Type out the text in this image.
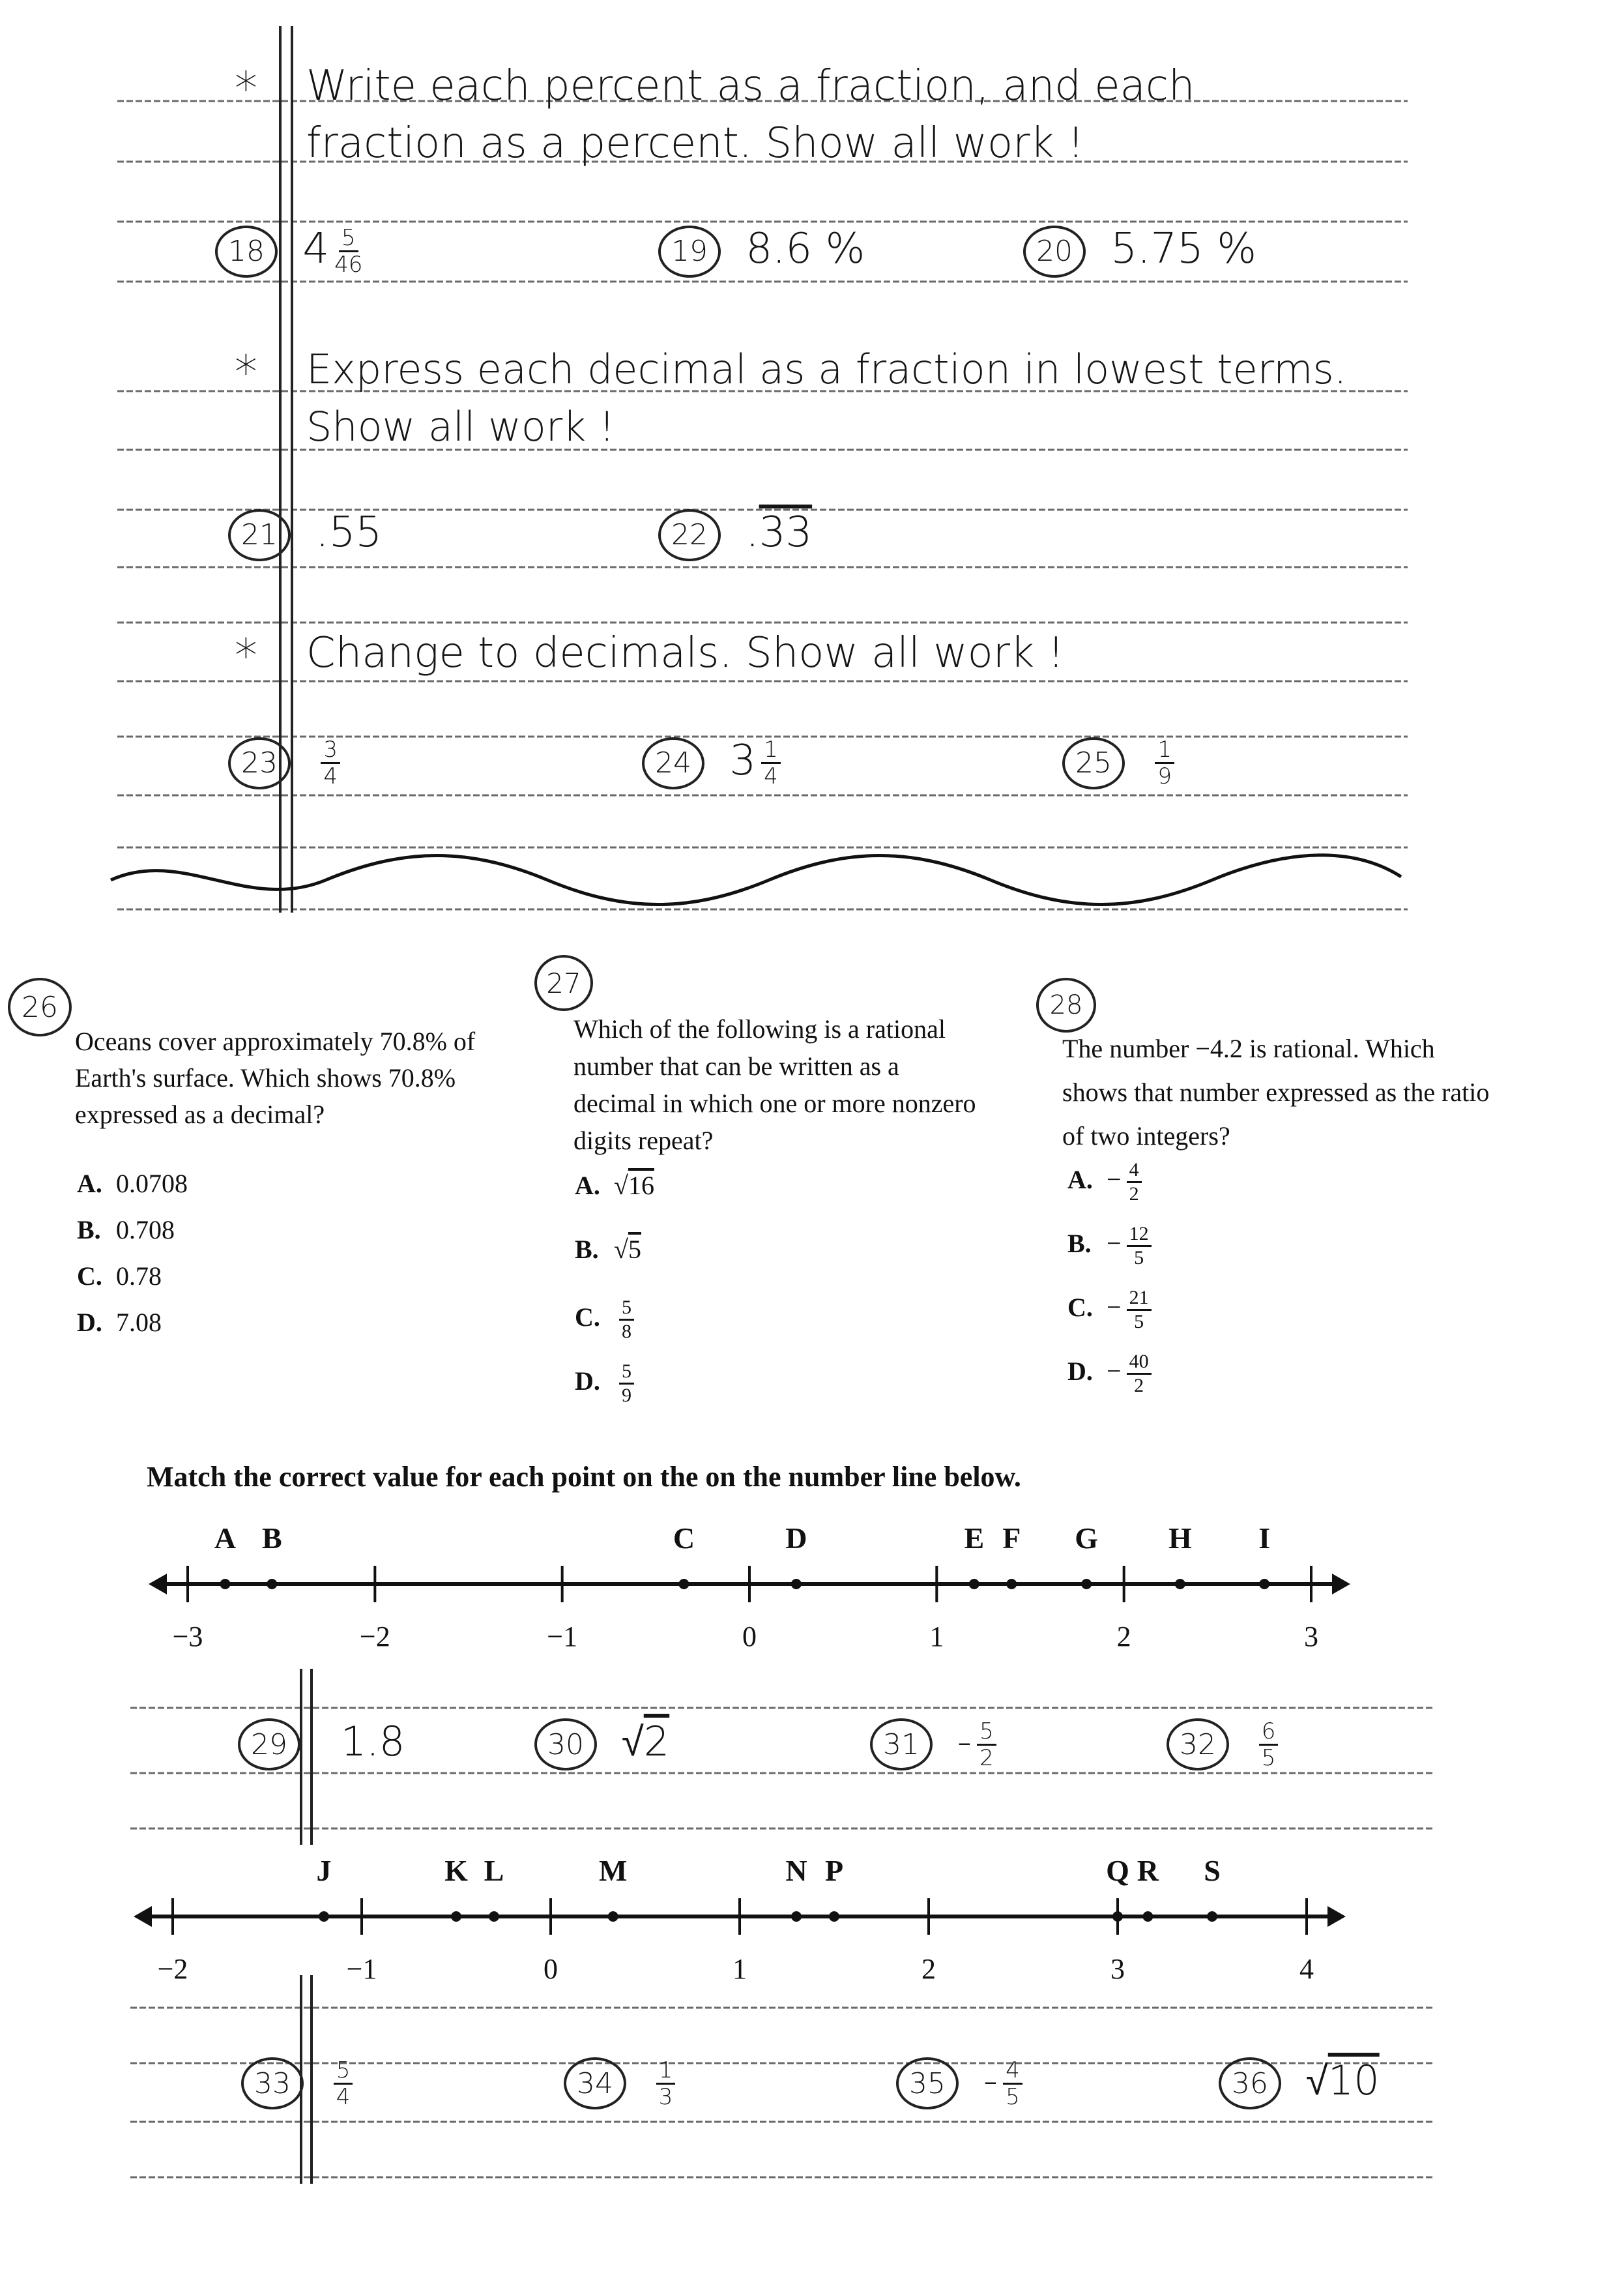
* Write each percent as a fraction, and each
fraction as a percent. Show all work !
18 $4 \frac{5}{46}$	19 8.6 %	20 5.75 %
* Express each decimal as a fraction in lowest terms.
Show all work !
21 .55	22 .33
* Change to decimals. Show all work !
$23 \frac{3}{4}$	24 $3 \frac{1}{4}$	$25 \frac{1}{9}$
26
Oceans cover approximately 70.8% of
Earth's surface. Which shows 70.8%
expressed as a decimal?
A. 0.0708
B. 0.708
C. 0.78
D. 7.08
27
Which of the following is a rational
number that can be written as a
decimal in which one or more nonzero
digits repeat?
A. √16
B. √5
C. $\frac{5}{8}$
D. $\frac{5}{9}$
28
The number −4.2 is rational. Which
shows that number expressed as the ratio
of two integers?
A. − $\frac{4}{2}$
B. − $\frac{12}{5}$
C. − $\frac{21}{5}$
D. − $\frac{40}{2}$
Match the correct value for each point on the on the number line below.
−3	−2	−1	0	1	2	3
A B	C	D	E F G H I
29 1.8	30 √2	$31 - \frac{5}{2}$	$32 \frac{6}{5}$
−2	−1	0	1	2	3	4
J	K L	M	N P	Q R S
$33 \frac{5}{4}$	$34 \frac{1}{3}$	$35 - \frac{4}{5}$	36 √10
